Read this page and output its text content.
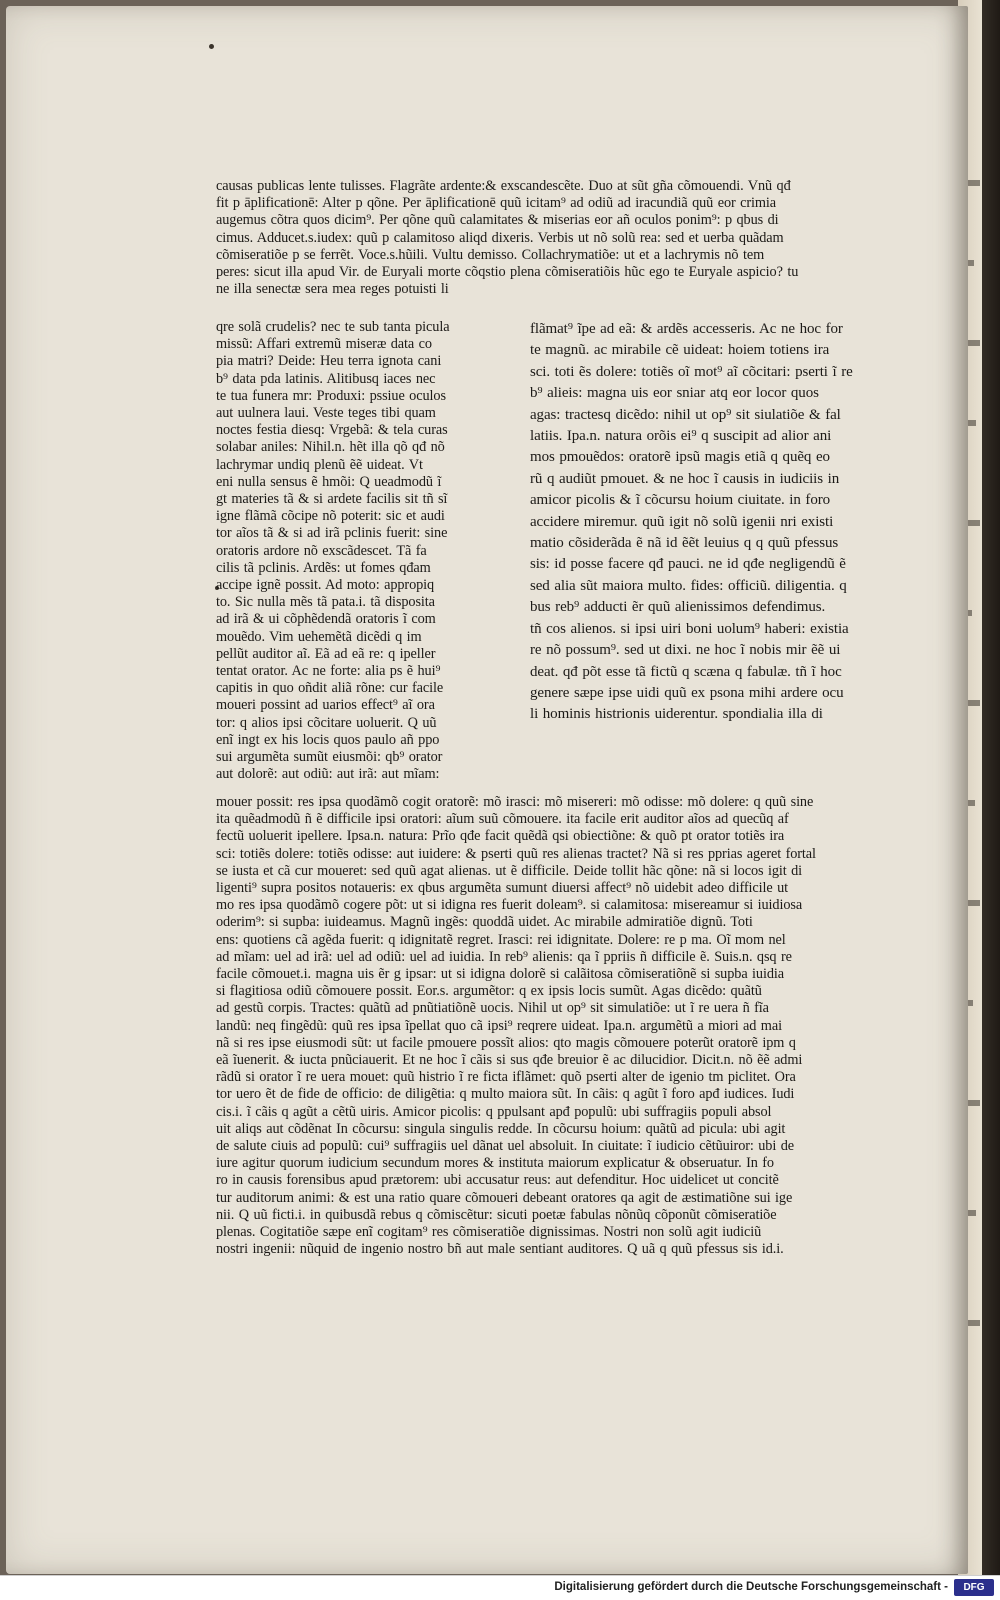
causas publicas lente tulisses. Flagrãte ardente:& exscandescẽte. Duo at sũt gña cõmouendi. Vnũ qđ
fit p āplificationē: Alter p qõne. Per āplificationē quũ icitam⁹ ad odiũ ad iracundiã quũ eor crimia
augemus cõtra quos dicim⁹. Per qõne quũ calamitates & miserias eor añ oculos ponim⁹: p qbus di
cimus. Adducet.s.iudex: quũ p calamitoso aliqd dixeris. Verbis ut nõ solũ rea: sed et uerba quãdam
cõmiseratiõe p se ferrẽt. Voce.s.hũili. Vultu demisso. Collachrymatiõe: ut et a lachrymis nõ tem
peres: sicut illa apud Vir. de Euryali morte cõqstio plena cõmiseratiõis hũc ego te Euryale aspicio? tu
ne illa senectæ sera mea reges potuisti li
qre solã crudelis? nec te sub tanta picula
missũ: Affari extremũ miseræ data co
pia matri? Deide: Heu terra ignota cani
b⁹ data pda latinis. Alitibusq iaces nec
te tua funera mr: Produxi: pssiue oculos
aut uulnera laui. Veste teges tibi quam
noctes festia diesq: Vrgebã: & tela curas
solabar aniles: Nihil.n. hẽt illa qõ qđ nõ
lachrymar undiq plenũ ẽẽ uideat. Vt
eni nulla sensus ẽ hmõi: Q ueadmodũ ĩ
gt materies tã & si ardete facilis sit tñ sĩ
igne flãmã cõcipe nõ poterit: sic et audi
tor aĩos tã & si ad irã pclinis fuerit: sine
oratoris ardore nõ exscãdescet. Tã fa
cilis tã pclinis. Ardẽs: ut fomes qđam
accipe ignẽ possit. Ad moto: appropiq
to. Sic nulla mẽs tã pata.i. tã disposita
ad irã & ui cõphẽdendã oratoris ĩ com
mouẽdo. Vim uehemẽtã dicẽdi q im
pellũt auditor aĩ. Eã ad eã re: q ipeller
tentat orator. Ac ne forte: alia ps ẽ hui⁹
capitis in quo oñdit aliã rõne: cur facile
moueri possint ad uarios effect⁹ aĩ ora
tor: q alios ipsi cõcitare uoluerit. Q uũ
enĩ ingt ex his locis quos paulo añ ppo
sui argumẽta sumũt eiusmõi: qb⁹ orator
aut dolorẽ: aut odiũ: aut irã: aut mĩam:
flãmat⁹ ĩpe ad eã: & ardẽs accesseris. Ac ne hoc for
te magnũ. ac mirabile cẽ uideat: hoiem totiens ira
sci. toti ẽs dolere: totiẽs oĩ mot⁹ aĩ cõcitari: pserti ĩ re
b⁹ alieis: magna uis eor sniar atq eor locor quos
agas: tractesq dicẽdo: nihil ut op⁹ sit siulatiõe & fal
latiis. Ipa.n. natura orõis ei⁹ q suscipit ad alior ani
mos pmouẽdos: oratorẽ ipsũ magis etiã q quẽq eo
rũ q audiũt pmouet. & ne hoc ĩ causis in iudiciis in
amicor picolis & ĩ cõcursu hoium ciuitate. in foro
accidere miremur. quũ igit nõ solũ igenii nri existi
matio cõsiderãda ẽ nã id ẽẽt leuius q q quũ pfessus
sis: id posse facere qđ pauci. ne id qđe negligendũ ẽ
sed alia sũt maiora multo. fides: officiũ. diligentia. q
bus reb⁹ adducti ẽr quũ alienissimos defendimus.
tñ cos alienos. si ipsi uiri boni uolum⁹ haberi: existia
re nõ possum⁹. sed ut dixi. ne hoc ĩ nobis mir ẽẽ ui
deat. qđ põt esse tã fictũ q scæna q fabulæ. tñ ĩ hoc
genere sæpe ipse uidi quũ ex psona mihi ardere ocu
li hominis histrionis uiderentur. spondialia illa di
mouer possit: res ipsa quodãmõ cogit oratorẽ: mõ irasci: mõ misereri: mõ odisse: mõ dolere: q quũ sine
ita quẽadmodũ ñ ẽ difficile ipsi oratori: aĩum suũ cõmouere. ita facile erit auditor aĩos ad quecũq af
fectũ uoluerit ipellere. Ipsa.n. natura: Prĩo qđe facit quẽdã qsi obiectiõne: & quõ pt orator totiẽs ira
sci: totiẽs dolere: totiẽs odisse: aut iuidere: & pserti quũ res alienas tractet? Nã si res pprias ageret fortal
se iusta et cã cur moueret: sed quũ agat alienas. ut ẽ difficile. Deide tollit hãc qõne: nã si locos igit di
ligenti⁹ supra positos notaueris: ex qbus argumẽta sumunt diuersi affect⁹ nõ uidebit adeo difficile ut
mo res ipsa quodãmõ cogere põt: ut si idigna res fuerit doleam⁹. si calamitosa: misereamur si iuidiosa
oderim⁹: si supba: iuideamus. Magnũ ingẽs: quoddã uidet. Ac mirabile admiratiõe dignũ. Toti
ens: quotiens cã agẽda fuerit: q idignitatẽ regret. Irasci: rei idignitate. Dolere: re p ma. Oĩ mom nel
ad mĩam: uel ad irã: uel ad odiũ: uel ad iuidia. In reb⁹ alienis: qa ĩ ppriis ñ difficile ẽ. Suis.n. qsq re
facile cõmouet.i. magna uis ẽr g ipsar: ut si idigna dolorẽ si calãitosa cõmiseratiõnẽ si supba iuidia
si flagitiosa odiũ cõmouere possit. Eor.s. argumẽtor: q ex ipsis locis sumũt. Agas dicẽdo: quãtũ
ad gestũ corpis. Tractes: quãtũ ad pnũtiatiõnẽ uocis. Nihil ut op⁹ sit simulatiõe: ut ĩ re uera ñ fĩa
landũ: neq fingẽdũ: quũ res ipsa ĩpellat quo cã ipsi⁹ reqrere uideat. Ipa.n. argumẽtũ a miori ad mai
nã si res ipse eiusmodi sũt: ut facile pmouere possĩt alios: qto magis cõmouere poterũt oratorẽ ipm q
eã ĩuenerit. & iucta pnũciauerit. Et ne hoc ĩ cãis si sus qđe breuior ẽ ac dilucidior. Dicit.n. nõ ẽẽ admi
rãdũ si orator ĩ re uera mouet: quũ histrio ĩ re ficta iflãmet: quõ pserti alter de igenio tm piclitet. Ora
tor uero ẽt de fide de officio: de diligẽtia: q multo maiora sũt. In cãis: q agũt ĩ foro apđ iudices. Iudi
cis.i. ĩ cãis q agũt a cẽtũ uiris. Amicor picolis: q ppulsant apđ populũ: ubi suffragiis populi absol
uit aliqs aut cõdẽnat In cõcursu: singula singulis redde. In cõcursu hoium: quãtũ ad picula: ubi agit
de salute ciuis ad populũ: cui⁹ suffragiis uel dãnat uel absoluit. In ciuitate: ĩ iudicio cẽtũuiror: ubi de
iure agitur quorum iudicium secundum mores & instituta maiorum explicatur & obseruatur. In fo
ro in causis forensibus apud prætorem: ubi accusatur reus: aut defenditur. Hoc uidelicet ut concitẽ
tur auditorum animi: & est una ratio quare cõmoueri debeant oratores qa agit de æstimatiõne sui ige
nii. Q uũ ficti.i. in quibusdã rebus q cõmiscẽtur: sicuti poetæ fabulas nõnũq cõponũt cõmiseratiõe
plenas. Cogitatiõe sæpe enĩ cogitam⁹ res cõmiseratiõe dignissimas. Nostri non solũ agit iudiciũ
nostri ingenii: nũquid de ingenio nostro bñ aut male sentiant auditores. Q uã q quũ pfessus sis id.i.
Digitalisierung gefördert durch die Deutsche Forschungsgemeinschaft -	DFG
